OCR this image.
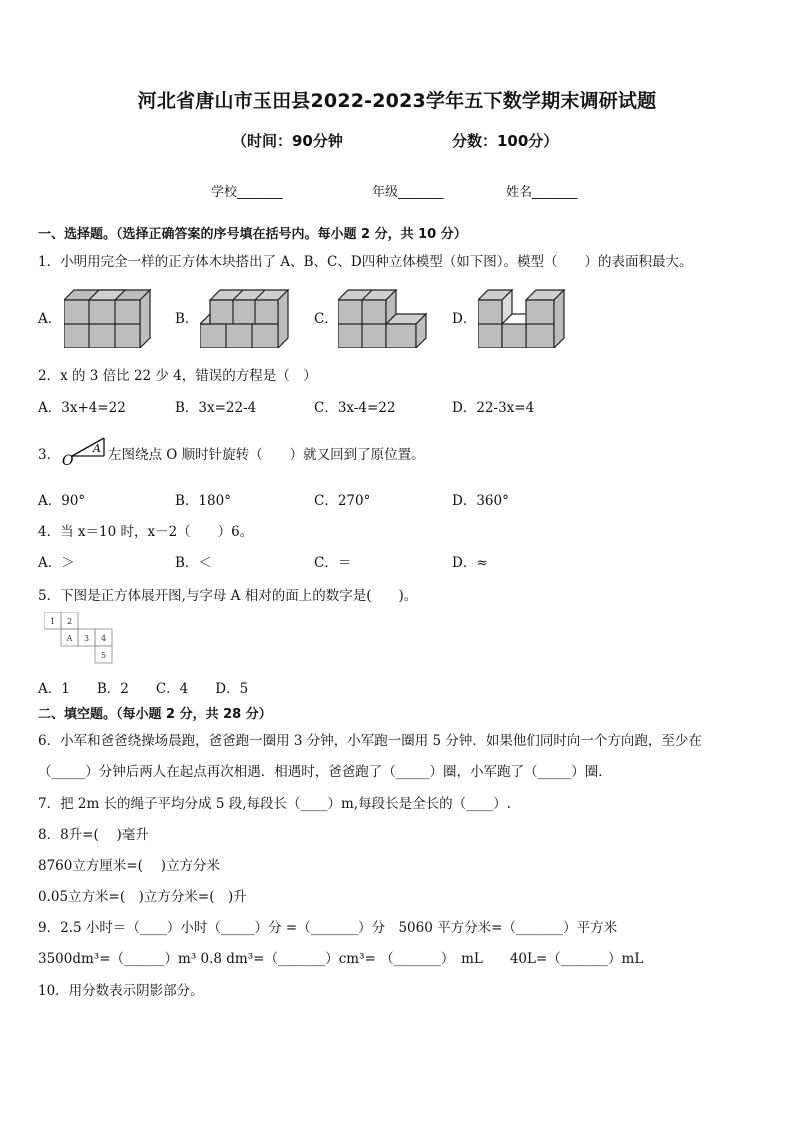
河北省唐山市玉田县2022-2023学年五下数学期末调研试题
（时间：90分钟	分数：100分）
学校_______	年级_______	姓名_______
一、选择题。（选择正确答案的序号填在括号内。每小题 2 分，共 10 分）
1．小明用完全一样的正方体木块搭出了 A、B、C、D四种立体模型（如下图）。模型（　　）的表面积最大。
A．	B．	C．	D．
2．x 的 3 倍比 22 少 4，错误的方程是（　）
A．3x+4=22	B．3x=22-4	C．3x-4=22	D．22-3x=4
3． O
A 左图绕点 O 顺时针旋转（　　）就又回到了原位置。
A．90°	B．180°	C．270°	D．360°
4．当 x＝10 时，x－2（　　）6。
A．＞	B．＜	C．＝	D．≈
5．下图是正方体展开图,与字母 A 相对的面上的数字是(　　)。
1 2
A 3 4
5
A．1　　B．2　　C．4　　D．5
二、填空题。（每小题 2 分，共 28 分）
6．小军和爸爸绕操场晨跑，爸爸跑一圈用 3 分钟，小军跑一圈用 5 分钟．如果他们同时向一个方向跑，至少在
（_____）分钟后两人在起点再次相遇．相遇时，爸爸跑了（_____）圈，小军跑了（_____）圈．
7．把 2m 长的绳子平均分成 5 段,每段长（____）m,每段长是全长的（____）.
8．8升=(　 )毫升
8760立方厘米=(　 )立方分米
0.05立方米=(　)立方分米=(　)升
9．2.5 小时＝（____）小时（_____）分 =（_______）分　5060 平方分米=（_______）平方米
3500dm³=（______）m³ 0.8 dm³=（_______）cm³= （_______）　mL　　40L=（_______）mL
10．用分数表示阴影部分。
